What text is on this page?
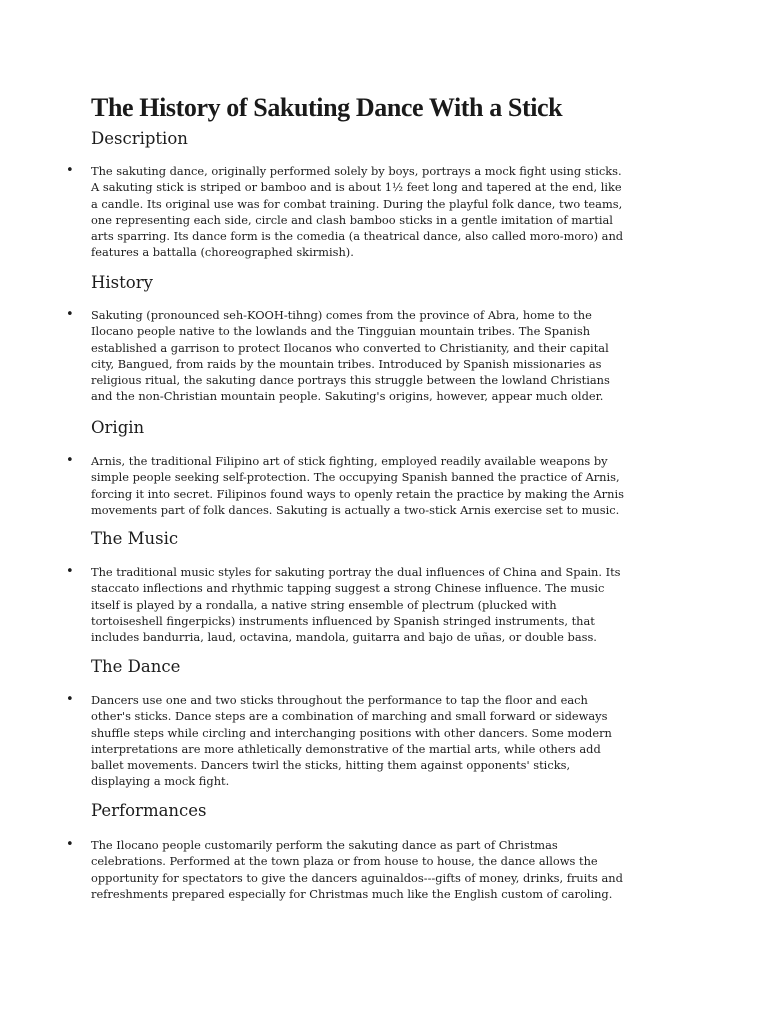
The History of Sakuting Dance With a Stick
Description
• The sakuting dance, originally performed solely by boys, portrays a mock fight using sticks.
A sakuting stick is striped or bamboo and is about 1½ feet long and tapered at the end, like
a candle. Its original use was for combat training. During the playful folk dance, two teams,
one representing each side, circle and clash bamboo sticks in a gentle imitation of martial
arts sparring. Its dance form is the comedia (a theatrical dance, also called moro-moro) and
features a battalla (choreographed skirmish).

History
• Sakuting (pronounced seh-KOOH-tihng) comes from the province of Abra, home to the
Ilocano people native to the lowlands and the Tingguian mountain tribes. The Spanish
established a garrison to protect Ilocanos who converted to Christianity, and their capital
city, Bangued, from raids by the mountain tribes. Introduced by Spanish missionaries as
religious ritual, the sakuting dance portrays this struggle between the lowland Christians
and the non-Christian mountain people. Sakuting's origins, however, appear much older.

Origin
• Arnis, the traditional Filipino art of stick fighting, employed readily available weapons by
simple people seeking self-protection. The occupying Spanish banned the practice of Arnis,
forcing it into secret. Filipinos found ways to openly retain the practice by making the Arnis
movements part of folk dances. Sakuting is actually a two-stick Arnis exercise set to music.

The Music
• The traditional music styles for sakuting portray the dual influences of China and Spain. Its
staccato inflections and rhythmic tapping suggest a strong Chinese influence. The music
itself is played by a rondalla, a native string ensemble of plectrum (plucked with
tortoiseshell fingerpicks) instruments influenced by Spanish stringed instruments, that
includes bandurria, laud, octavina, mandola, guitarra and bajo de uñas, or double bass.

The Dance
• Dancers use one and two sticks throughout the performance to tap the floor and each
other's sticks. Dance steps are a combination of marching and small forward or sideways
shuffle steps while circling and interchanging positions with other dancers. Some modern
interpretations are more athletically demonstrative of the martial arts, while others add
ballet movements. Dancers twirl the sticks, hitting them against opponents' sticks,
displaying a mock fight.

Performances
• The Ilocano people customarily perform the sakuting dance as part of Christmas
celebrations. Performed at the town plaza or from house to house, the dance allows the
opportunity for spectators to give the dancers aguinaldos---gifts of money, drinks, fruits and
refreshments prepared especially for Christmas much like the English custom of caroling.
